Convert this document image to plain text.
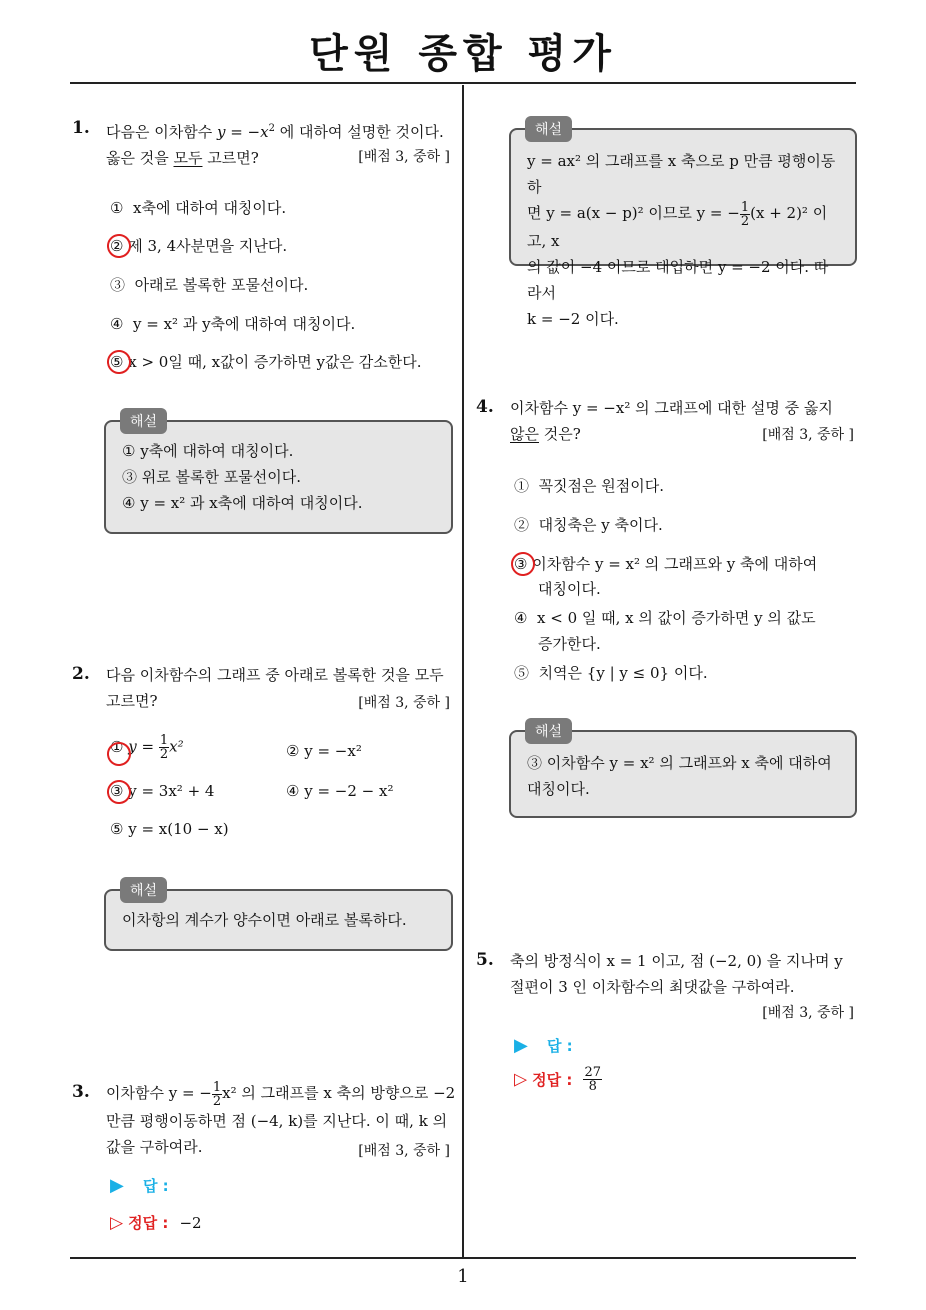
단원 종합 평가
1
1. 다음은 이차함수 $y = -x^2$ 에 대하여 설명한 것이다.
옳은 것을 모두 고르면?	[배점 3, 중하 ]
① x축에 대하여 대칭이다.
② 제 3, 4사분면을 지난다.
③ 아래로 볼록한 포물선이다.
④ y = x² 과 y축에 대하여 대칭이다.
⑤ x > 0일 때, x값이 증가하면 y값은 감소한다.
해설
① y축에 대하여 대칭이다.
③ 위로 볼록한 포물선이다.
④ y = x² 과 x축에 대하여 대칭이다.
2. 다음 이차함수의 그래프 중 아래로 볼록한 것을 모두
고르면?	[배점 3, 중하 ]
① $y = \frac{1}{2} x^2$	② y = −x²
③ y = 3x² + 4	④ y = −2 − x²
⑤ y = x(10 − x)
해설
이차항의 계수가 양수이면 아래로 볼록하다.
3. 이차함수 y = − $\frac{1}{2} x^2$ 의 그래프를 x 축의 방향으로 −2
만큼 평행이동하면 점 (−4, k)를 지난다. 이 때, k 의
값을 구하여라.	[배점 3, 중하 ]
▶ 답 :
▷ 정답 : −2
해설
y = ax² 의 그래프를 x 축으로 p 만큼 평행이동하
면 y = a(x − p)² 이므로 y = − $\frac{1}{2} (x + 2)^2$ 이고, x
의 값이 −4 이므로 대입하면 y = −2 이다. 따라서
k = −2 이다.
4. 이차함수 y = −x² 의 그래프에 대한 설명 중 옳지
않은 것은?	[배점 3, 중하 ]
① 꼭짓점은 원점이다.
② 대칭축은 y 축이다.
③ 이차함수 y = x² 의 그래프와 y 축에 대하여
대칭이다.
④ x < 0 일 때, x 의 값이 증가하면 y 의 값도
증가한다.
⑤ 치역은 {y | y ≤ 0} 이다.
해설
③ 이차함수 y = x² 의 그래프와 x 축에 대하여
대칭이다.
5. 축의 방정식이 x = 1 이고, 점 (−2, 0) 을 지나며 y
절편이 3 인 이차함수의 최댓값을 구하여라.
[배점 3, 중하 ]
▶ 답 :
▷ 정답 : $\frac{27}{8}$
